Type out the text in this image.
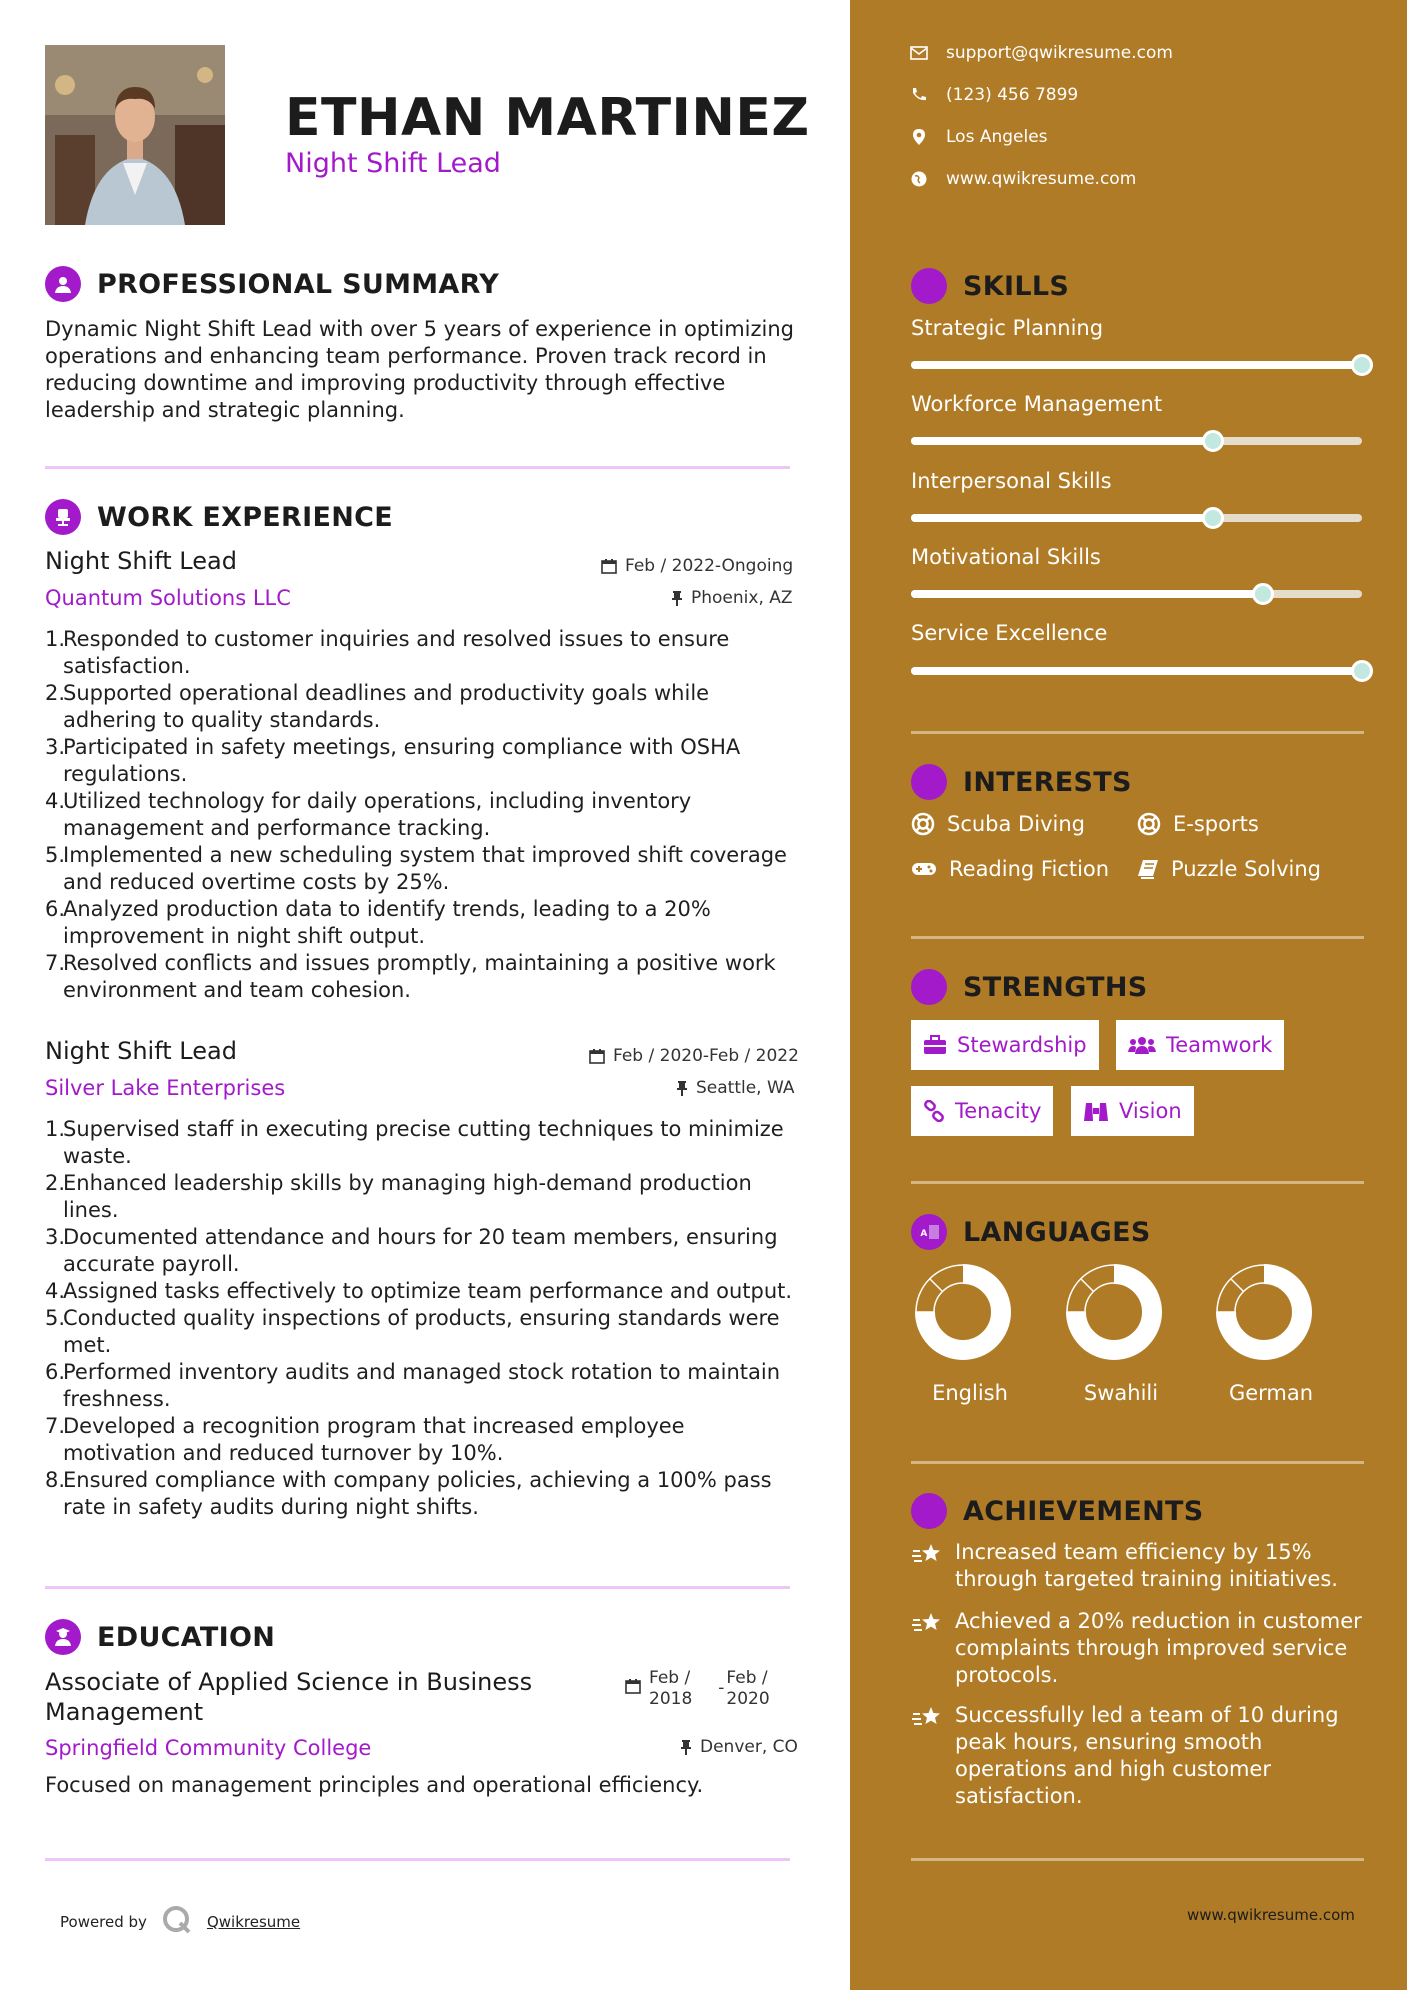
ETHAN MARTINEZ
Night Shift Lead
PROFESSIONAL SUMMARY
Dynamic Night Shift Lead with over 5 years of experience in optimizing operations and enhancing team performance. Proven track record in reducing downtime and improving productivity through effective leadership and strategic planning.
WORK EXPERIENCE
Night Shift Lead	Feb / 2022-Ongoing
Quantum Solutions LLC	Phoenix, AZ
1.
Responded to customer inquiries and resolved issues to ensure
satisfaction.
2.
Supported operational deadlines and productivity goals while
adhering to quality standards.
3.
Participated in safety meetings, ensuring compliance with OSHA
regulations.
4.
Utilized technology for daily operations, including inventory
management and performance tracking.
5.
Implemented a new scheduling system that improved shift coverage
and reduced overtime costs by 25%.
6.
Analyzed production data to identify trends, leading to a 20%
improvement in night shift output.
7.
Resolved conflicts and issues promptly, maintaining a positive work
environment and team cohesion.
Night Shift Lead	Feb / 2020-Feb / 2022
Silver Lake Enterprises	Seattle, WA
1.
Supervised staff in executing precise cutting techniques to minimize
waste.
2.
Enhanced leadership skills by managing high-demand production
lines.
3.
Documented attendance and hours for 20 team members, ensuring
accurate payroll.
4.
Assigned tasks effectively to optimize team performance and output.
5.
Conducted quality inspections of products, ensuring standards were
met.
6.
Performed inventory audits and managed stock rotation to maintain
freshness.
7.
Developed a recognition program that increased employee
motivation and reduced turnover by 10%.
8.
Ensured compliance with company policies, achieving a 100% pass
rate in safety audits during night shifts.
EDUCATION
Associate of Applied Science in Business
Management
Feb /
2018
- Feb /
2020
Springfield Community College	Denver, CO
Focused on management principles and operational efficiency.
Powered by	Qwikresume
support@qwikresume.com
(123) 456 7899
Los Angeles
www.qwikresume.com
SKILLS
Strategic Planning
Workforce Management
Interpersonal Skills
Motivational Skills
Service Excellence
INTERESTS
Scuba Diving	E-sports
Reading Fiction	Puzzle Solving
STRENGTHS
Stewardship	Teamwork
Tenacity	Vision
A LANGUAGES
English	Swahili	German
ACHIEVEMENTS
Increased team efficiency by 15%
through targeted training initiatives.
Achieved a 20% reduction in customer
complaints through improved service
protocols.
Successfully led a team of 10 during
peak hours, ensuring smooth
operations and high customer
satisfaction.
www.qwikresume.com
